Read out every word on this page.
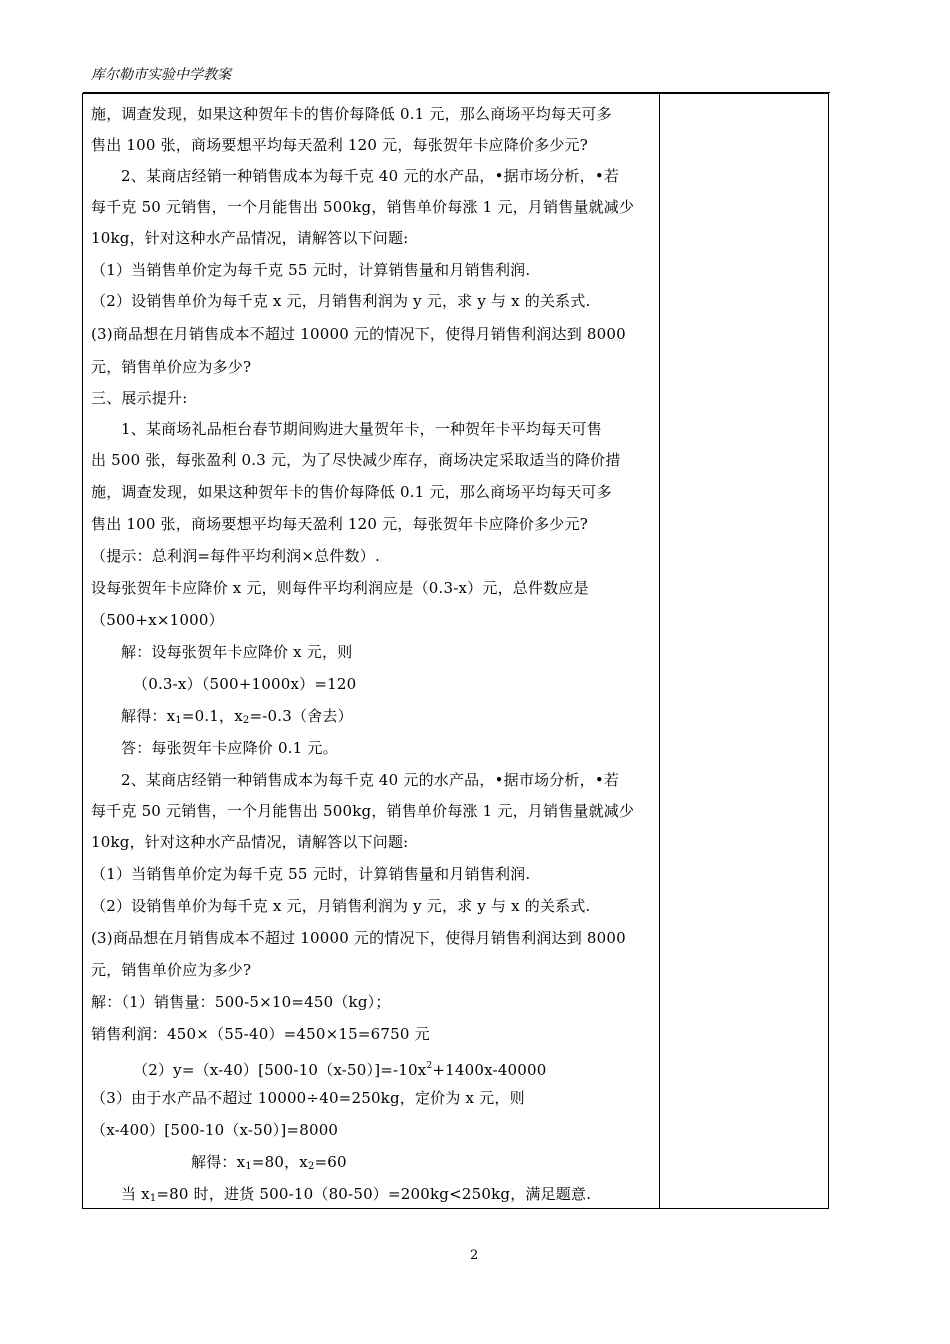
库尔勒市实验中学教案
施，调查发现，如果这种贺年卡的售价每降低 0.1 元，那么商场平均每天可多
售出 100 张，商场要想平均每天盈利 120 元，每张贺年卡应降价多少元?
2、某商店经销一种销售成本为每千克 40 元的水产品，•据市场分析，•若
每千克 50 元销售，一个月能售出 500kg，销售单价每涨 1 元，月销售量就减少
10kg，针对这种水产品情况，请解答以下问题:
（1）当销售单价定为每千克 55 元时，计算销售量和月销售利润.
（2）设销售单价为每千克 x 元，月销售利润为 y 元，求 y 与 x 的关系式.
(3)商品想在月销售成本不超过 10000 元的情况下，使得月销售利润达到 8000
元，销售单价应为多少?
三、展示提升:
1、某商场礼品柜台春节期间购进大量贺年卡，一种贺年卡平均每天可售
出 500 张，每张盈利 0.3 元，为了尽快减少库存，商场决定采取适当的降价措
施，调查发现，如果这种贺年卡的售价每降低 0.1 元，那么商场平均每天可多
售出 100 张，商场要想平均每天盈利 120 元，每张贺年卡应降价多少元?
（提示：总利润=每件平均利润×总件数）.
设每张贺年卡应降价 x 元，则每件平均利润应是（0.3-x）元，总件数应是
（500+x×1000）
解：设每张贺年卡应降价 x 元，则
（0.3-x）（500+1000x）=120
解得：$x_1=0.1$，$x_2=-0.3$（舍去）
答：每张贺年卡应降价 0.1 元。
2、某商店经销一种销售成本为每千克 40 元的水产品，•据市场分析，•若
每千克 50 元销售，一个月能售出 500kg，销售单价每涨 1 元，月销售量就减少
10kg，针对这种水产品情况，请解答以下问题:
（1）当销售单价定为每千克 55 元时，计算销售量和月销售利润.
（2）设销售单价为每千克 x 元，月销售利润为 y 元，求 y 与 x 的关系式.
(3)商品想在月销售成本不超过 10000 元的情况下，使得月销售利润达到 8000
元，销售单价应为多少?
解：（1）销售量：500-5×10=450（kg）；
销售利润：450×（55-40）=450×15=6750 元
$(2)y=(x-40)[500-10(x-50)]=-10x^2+1400x-40000$
（3）由于水产品不超过 10000÷40=250kg，定价为 x 元，则
（x-400）[500-10（x-50）]=8000
解得：$x_1=80$，$x_2=60$
当 $x_1=80$ 时，进货 500-10（80-50）=200kg<250kg，满足题意.
2
